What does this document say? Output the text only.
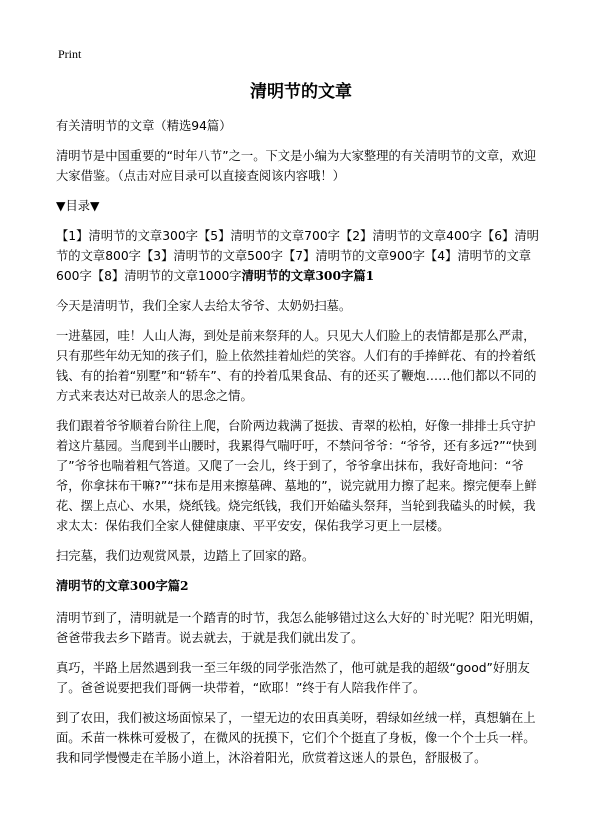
Print
清明节的文章
有关清明节的文章（精选94篇）
清明节是中国重要的“时年八节”之一。下文是小编为大家整理的有关清明节的文章，欢迎大家借鉴。（点击对应目录可以直接查阅该内容哦！）
▼目录▼
【1】清明节的文章300字【5】清明节的文章700字【2】清明节的文章400字【6】清明节的文章800字【3】清明节的文章500字【7】清明节的文章900字【4】清明节的文章600字【8】清明节的文章1000字清明节的文章300字篇1
今天是清明节，我们全家人去给太爷爷、太奶奶扫墓。
一进墓园，哇！人山人海，到处是前来祭拜的人。只见大人们脸上的表情都是那么严肃，只有那些年幼无知的孩子们，脸上依然挂着灿烂的笑容。人们有的手捧鲜花、有的拎着纸钱、有的抬着“别墅”和“轿车”、有的拎着瓜果食品、有的还买了鞭炮……他们都以不同的方式来表达对已故亲人的思念之情。
我们跟着爷爷顺着台阶往上爬，台阶两边栽满了挺拔、青翠的松柏，好像一排排士兵守护着这片墓园。当爬到半山腰时，我累得气喘吁吁，不禁问爷爷：“爷爷，还有多远?”“快到了”爷爷也喘着粗气答道。又爬了一会儿，终于到了，爷爷拿出抹布，我好奇地问：“爷爷，你拿抹布干嘛?”“抹布是用来擦墓碑、墓地的”，说完就用力擦了起来。擦完便奉上鲜花、摆上点心、水果，烧纸钱。烧完纸钱，我们开始磕头祭拜，当轮到我磕头的时候，我求太太：保佑我们全家人健健康康、平平安安，保佑我学习更上一层楼。
扫完墓，我们边观赏风景，边踏上了回家的路。
清明节的文章300字篇2
清明节到了，清明就是一个踏青的时节，我怎么能够错过这么大好的`时光呢？阳光明媚，爸爸带我去乡下踏青。说去就去，于就是我们就出发了。
真巧，半路上居然遇到我一至三年级的同学张浩然了，他可就是我的超级“good”好朋友了。爸爸说要把我们哥俩一块带着，“欧耶！”终于有人陪我作伴了。
到了农田，我们被这场面惊呆了，一望无边的农田真美呀，碧绿如丝绒一样，真想躺在上面。禾苗一株株可爱极了，在微风的抚摸下，它们个个挺直了身板，像一个个士兵一样。我和同学慢慢走在羊肠小道上，沐浴着阳光，欣赏着这迷人的景色，舒服极了。
